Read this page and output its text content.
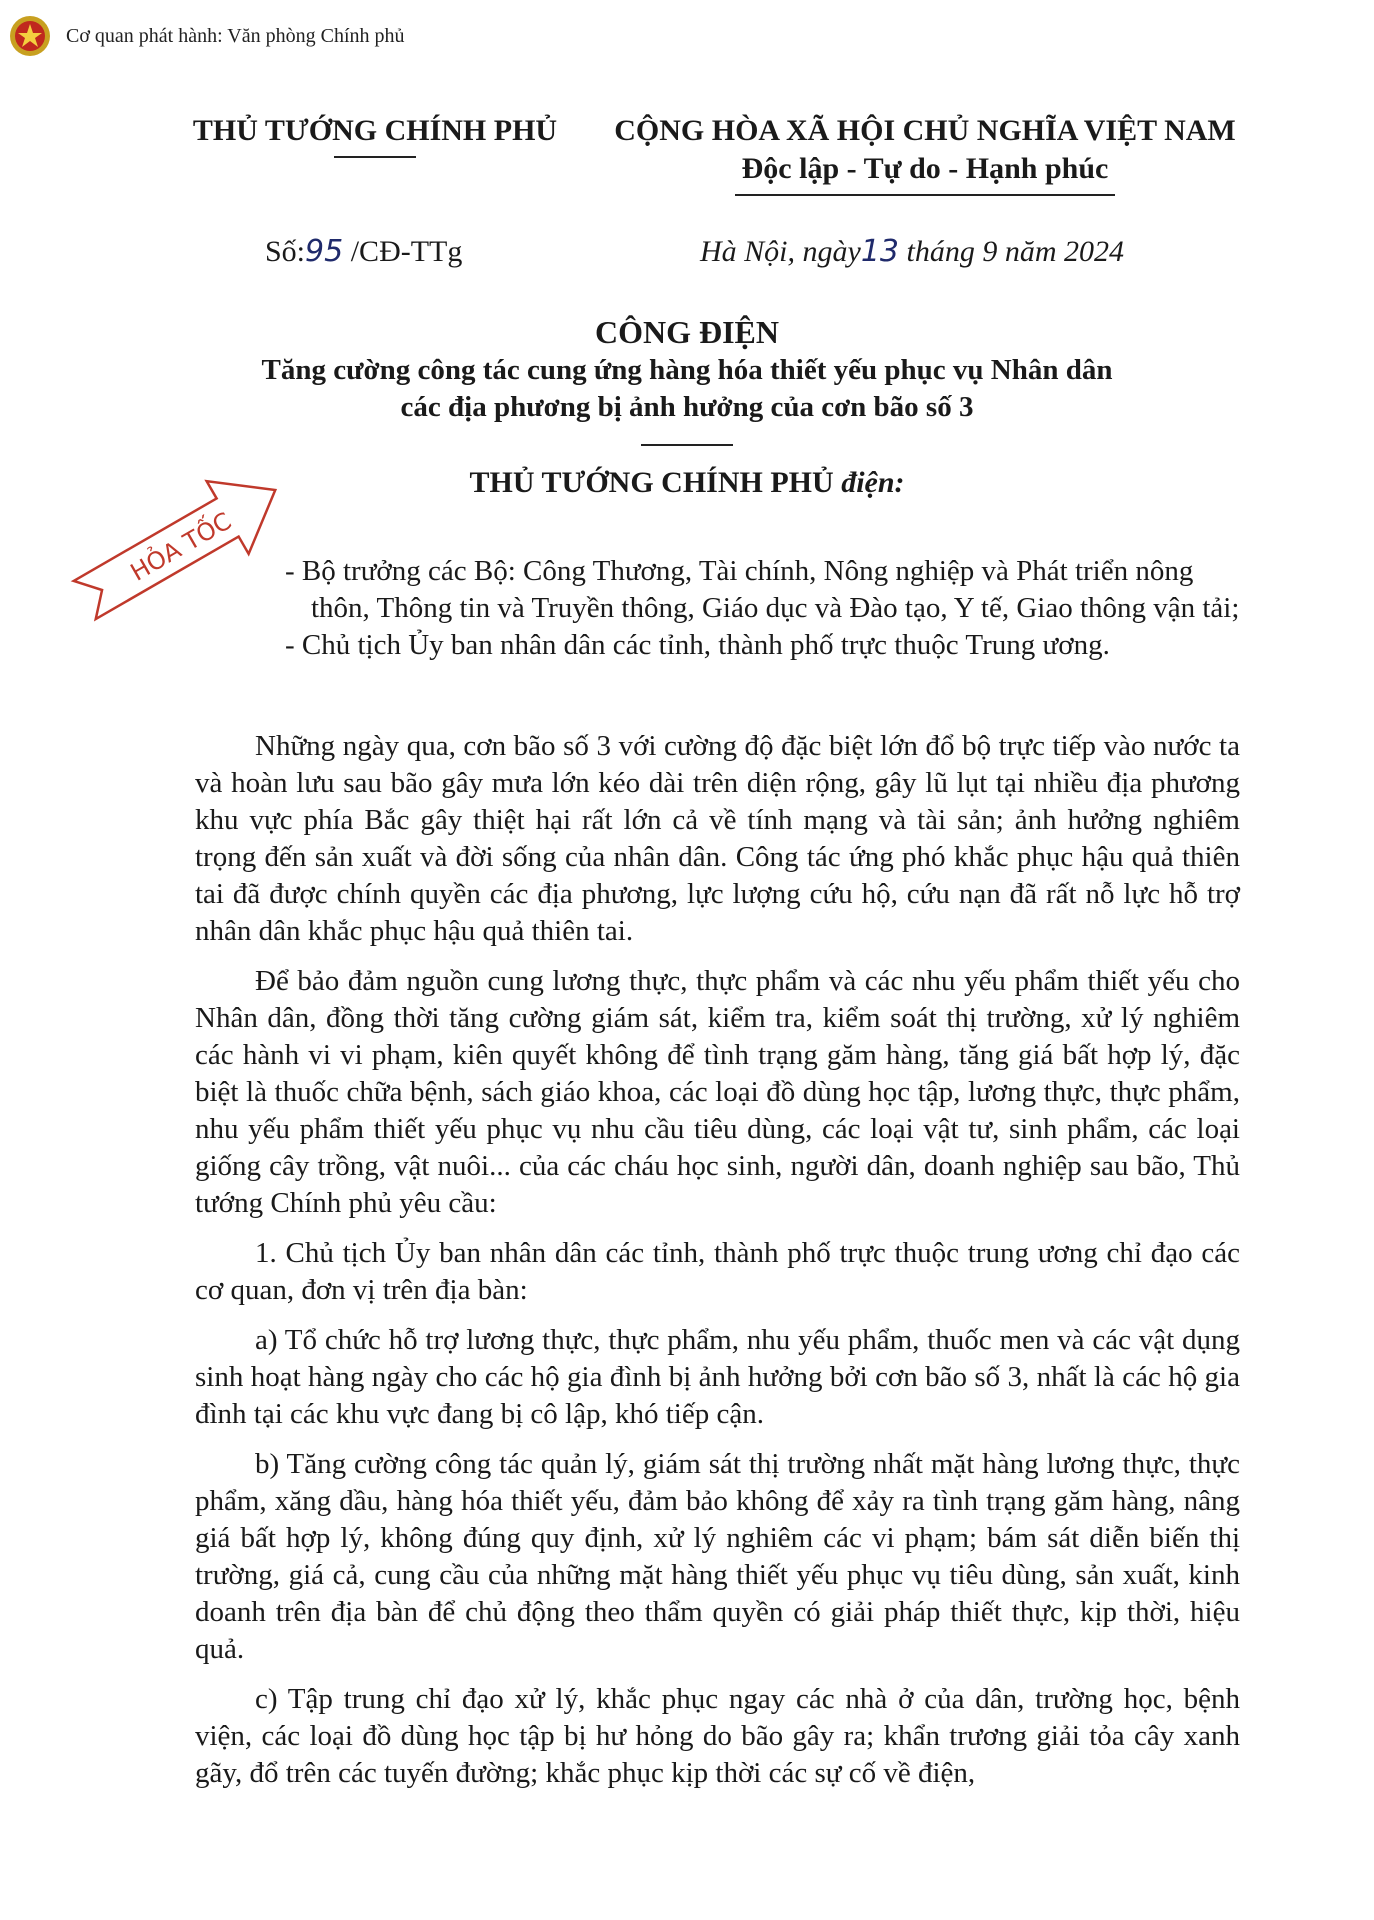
Cơ quan phát hành: Văn phòng Chính phủ
THỦ TƯỚNG CHÍNH PHỦ	CỘNG HÒA XÃ HỘI CHỦ NGHĨA VIỆT NAM
Độc lập - Tự do - Hạnh phúc
Số:95 /CĐ-TTg	Hà Nội, ngày13 tháng 9 năm 2024
CÔNG ĐIỆN
Tăng cường công tác cung ứng hàng hóa thiết yếu phục vụ Nhân dân
các địa phương bị ảnh hưởng của cơn bão số 3
THỦ TƯỚNG CHÍNH PHỦ điện:
HỎA TỐC - Bộ trưởng các Bộ: Công Thương, Tài chính, Nông nghiệp và Phát triển nông thôn, Thông tin và Truyền thông, Giáo dục và Đào tạo, Y tế, Giao thông vận tải;
- Chủ tịch Ủy ban nhân dân các tỉnh, thành phố trực thuộc Trung ương.

Những ngày qua, cơn bão số 3 với cường độ đặc biệt lớn đổ bộ trực tiếp vào nước ta và hoàn lưu sau bão gây mưa lớn kéo dài trên diện rộng, gây lũ lụt tại nhiều địa phương khu vực phía Bắc gây thiệt hại rất lớn cả về tính mạng và tài sản; ảnh hưởng nghiêm trọng đến sản xuất và đời sống của nhân dân. Công tác ứng phó khắc phục hậu quả thiên tai đã được chính quyền các địa phương, lực lượng cứu hộ, cứu nạn đã rất nỗ lực hỗ trợ nhân dân khắc phục hậu quả thiên tai.

Để bảo đảm nguồn cung lương thực, thực phẩm và các nhu yếu phẩm thiết yếu cho Nhân dân, đồng thời tăng cường giám sát, kiểm tra, kiểm soát thị trường, xử lý nghiêm các hành vi vi phạm, kiên quyết không để tình trạng găm hàng, tăng giá bất hợp lý, đặc biệt là thuốc chữa bệnh, sách giáo khoa, các loại đồ dùng học tập, lương thực, thực phẩm, nhu yếu phẩm thiết yếu phục vụ nhu cầu tiêu dùng, các loại vật tư, sinh phẩm, các loại giống cây trồng, vật nuôi... của các cháu học sinh, người dân, doanh nghiệp sau bão, Thủ tướng Chính phủ yêu cầu:

1. Chủ tịch Ủy ban nhân dân các tỉnh, thành phố trực thuộc trung ương chỉ đạo các cơ quan, đơn vị trên địa bàn:

a) Tổ chức hỗ trợ lương thực, thực phẩm, nhu yếu phẩm, thuốc men và các vật dụng sinh hoạt hàng ngày cho các hộ gia đình bị ảnh hưởng bởi cơn bão số 3, nhất là các hộ gia đình tại các khu vực đang bị cô lập, khó tiếp cận.

b) Tăng cường công tác quản lý, giám sát thị trường nhất mặt hàng lương thực, thực phẩm, xăng dầu, hàng hóa thiết yếu, đảm bảo không để xảy ra tình trạng găm hàng, nâng giá bất hợp lý, không đúng quy định, xử lý nghiêm các vi phạm; bám sát diễn biến thị trường, giá cả, cung cầu của những mặt hàng thiết yếu phục vụ tiêu dùng, sản xuất, kinh doanh trên địa bàn để chủ động theo thẩm quyền có giải pháp thiết thực, kịp thời, hiệu quả.

c) Tập trung chỉ đạo xử lý, khắc phục ngay các nhà ở của dân, trường học, bệnh viện, các loại đồ dùng học tập bị hư hỏng do bão gây ra; khẩn trương giải tỏa cây xanh gãy, đổ trên các tuyến đường; khắc phục kịp thời các sự cố về điện,
